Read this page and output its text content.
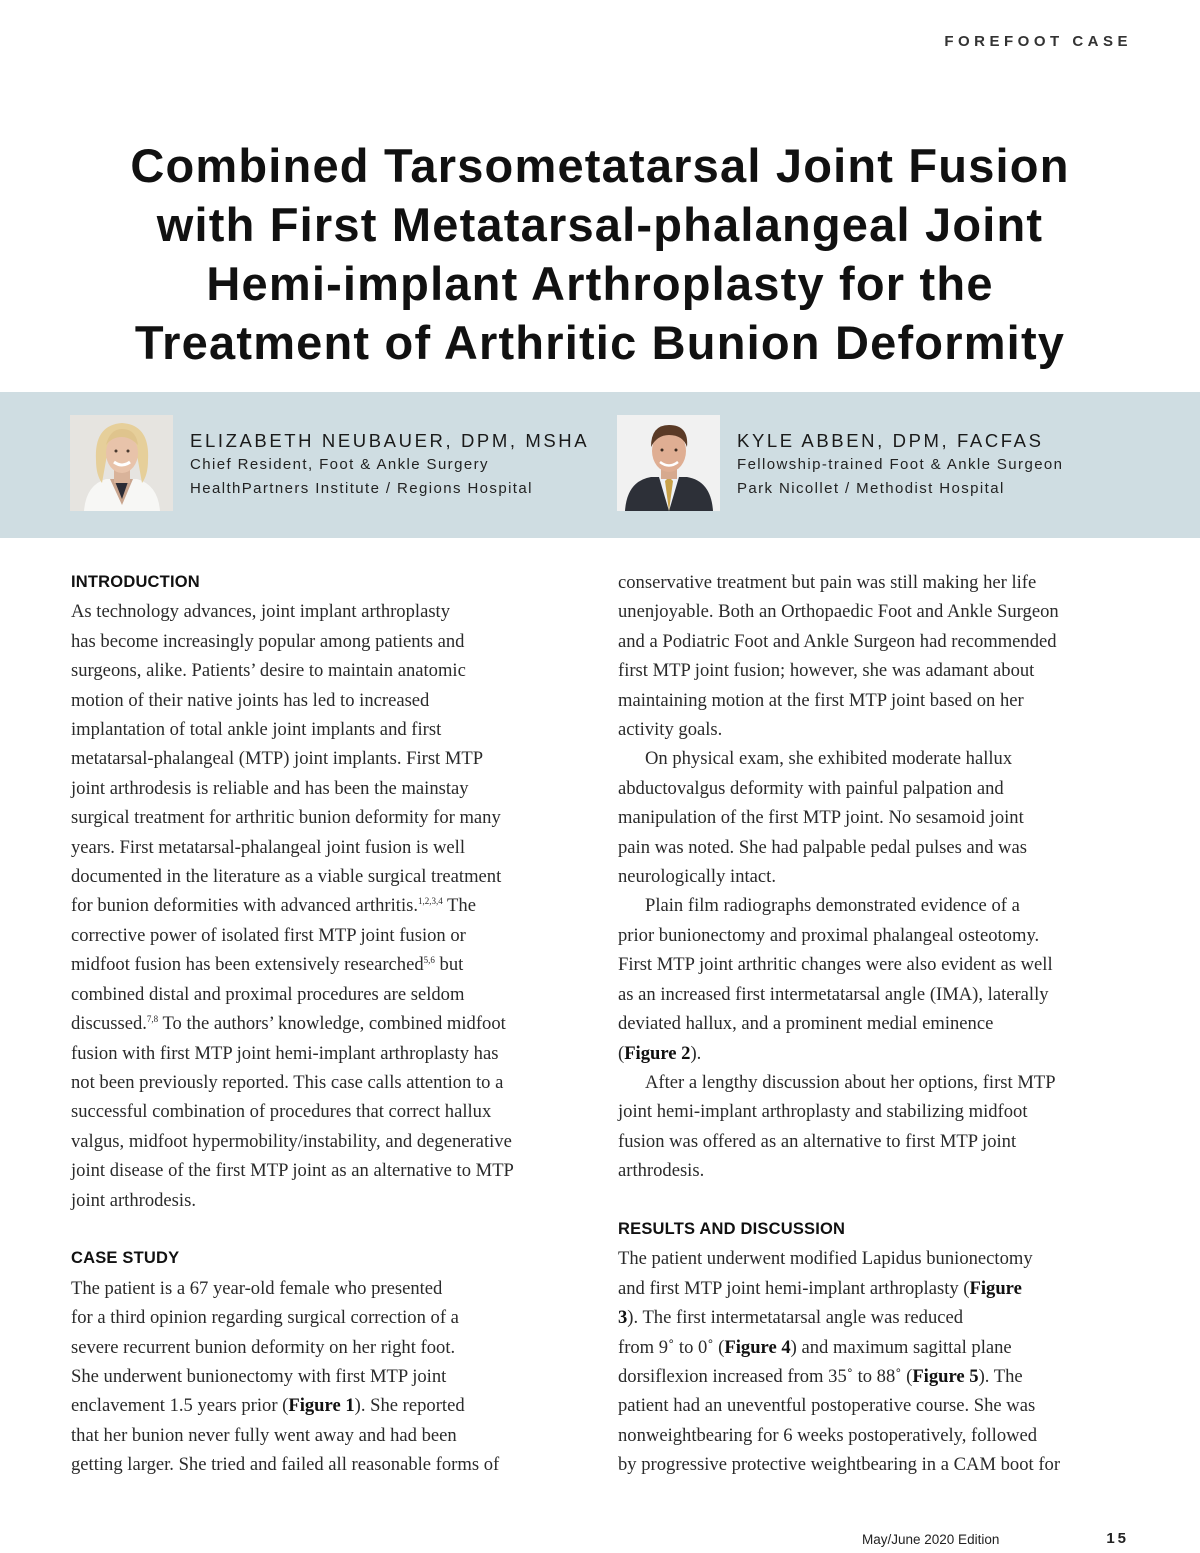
FOREFOOT CASE
Combined Tarsometatarsal Joint Fusion
with First Metatarsal-phalangeal Joint
Hemi-implant Arthroplasty for the
Treatment of Arthritic Bunion Deformity
ELIZABETH NEUBAUER, DPM, MSHA
Chief Resident, Foot & Ankle Surgery
HealthPartners Institute / Regions Hospital
KYLE ABBEN, DPM, FACFAS
Fellowship-trained Foot & Ankle Surgeon
Park Nicollet / Methodist Hospital
INTRODUCTION
As technology advances, joint implant arthroplasty
has become increasingly popular among patients and
surgeons, alike. Patients’ desire to maintain anatomic
motion of their native joints has led to increased
implantation of total ankle joint implants and first
metatarsal-phalangeal (MTP) joint implants. First MTP
joint arthrodesis is reliable and has been the mainstay
surgical treatment for arthritic bunion deformity for many
years. First metatarsal-phalangeal joint fusion is well
documented in the literature as a viable surgical treatment
for bunion deformities with advanced arthritis.$^{1,2,3,4}$ The
corrective power of isolated first MTP joint fusion or
midfoot fusion has been extensively researched$^{5,6}$ but
combined distal and proximal procedures are seldom
discussed.$^{7,8}$ To the authors’ knowledge, combined midfoot
fusion with first MTP joint hemi-implant arthroplasty has
not been previously reported. This case calls attention to a
successful combination of procedures that correct hallux
valgus, midfoot hypermobility/instability, and degenerative
joint disease of the first MTP joint as an alternative to MTP
joint arthrodesis.
CASE STUDY
The patient is a 67 year-old female who presented
for a third opinion regarding surgical correction of a
severe recurrent bunion deformity on her right foot.
She underwent bunionectomy with first MTP joint
enclavement 1.5 years prior (Figure 1). She reported
that her bunion never fully went away and had been
getting larger. She tried and failed all reasonable forms of
conservative treatment but pain was still making her life
unenjoyable. Both an Orthopaedic Foot and Ankle Surgeon
and a Podiatric Foot and Ankle Surgeon had recommended
first MTP joint fusion; however, she was adamant about
maintaining motion at the first MTP joint based on her
activity goals.
On physical exam, she exhibited moderate hallux
abductovalgus deformity with painful palpation and
manipulation of the first MTP joint. No sesamoid joint
pain was noted. She had palpable pedal pulses and was
neurologically intact.
Plain film radiographs demonstrated evidence of a
prior bunionectomy and proximal phalangeal osteotomy.
First MTP joint arthritic changes were also evident as well
as an increased first intermetatarsal angle (IMA), laterally
deviated hallux, and a prominent medial eminence
(Figure 2).
After a lengthy discussion about her options, first MTP
joint hemi-implant arthroplasty and stabilizing midfoot
fusion was offered as an alternative to first MTP joint
arthrodesis.
RESULTS AND DISCUSSION
The patient underwent modified Lapidus bunionectomy
and first MTP joint hemi-implant arthroplasty (Figure
3). The first intermetatarsal angle was reduced
from 9˚ to 0˚ (Figure 4) and maximum sagittal plane
dorsiflexion increased from 35˚ to 88˚ (Figure 5). The
patient had an uneventful postoperative course. She was
nonweightbearing for 6 weeks postoperatively, followed
by progressive protective weightbearing in a CAM boot for
May/June 2020 Edition	15
